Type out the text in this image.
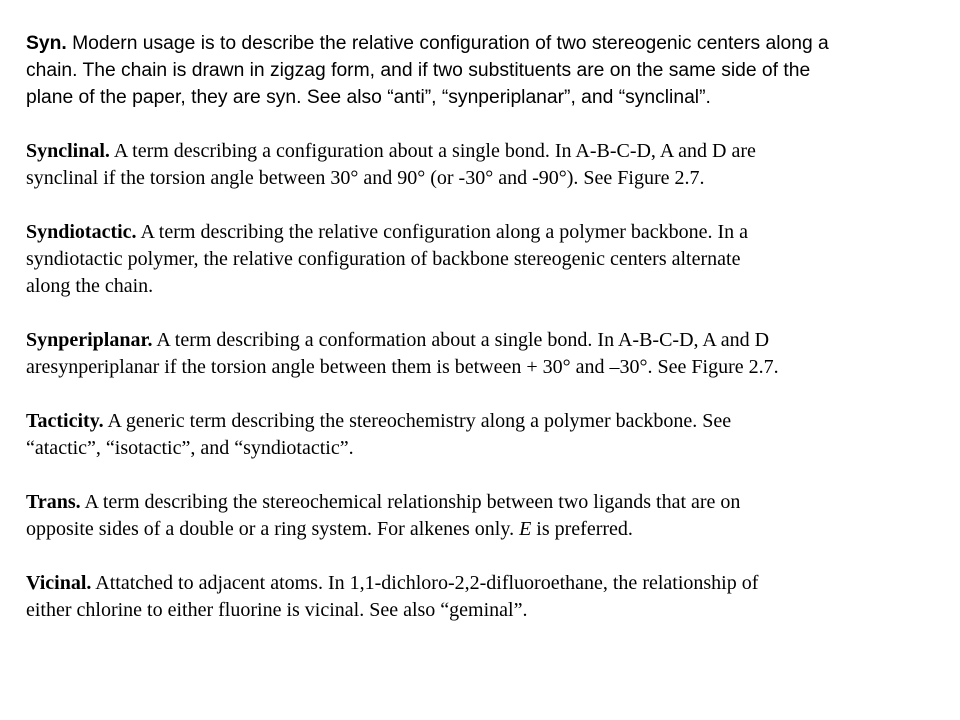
Syn. Modern usage is to describe the relative configuration of two stereogenic centers along a
chain. The chain is drawn in zigzag form, and if two substituents are on the same side of the
plane of the paper, they are syn. See also “anti”, “synperiplanar”, and “synclinal”.

Synclinal. A term describing a configuration about a single bond. In A-B-C-D, A and D are
synclinal if the torsion angle between 30° and 90° (or -30° and -90°). See Figure 2.7.

Syndiotactic. A term describing the relative configuration along a polymer backbone. In a
syndiotactic polymer, the relative configuration of backbone stereogenic centers alternate
along the chain.

Synperiplanar. A term describing a conformation about a single bond. In A-B-C-D, A and D
aresynperiplanar if the torsion angle between them is between + 30° and –30°. See Figure 2.7.

Tacticity. A generic term describing the stereochemistry along a polymer backbone. See
“atactic”, “isotactic”, and “syndiotactic”.

Trans. A term describing the stereochemical relationship between two ligands that are on
opposite sides of a double or a ring system. For alkenes only. E is preferred.

Vicinal. Attatched to adjacent atoms. In 1,1-dichloro-2,2-difluoroethane, the relationship of
either chlorine to either fluorine is vicinal. See also “geminal”.
